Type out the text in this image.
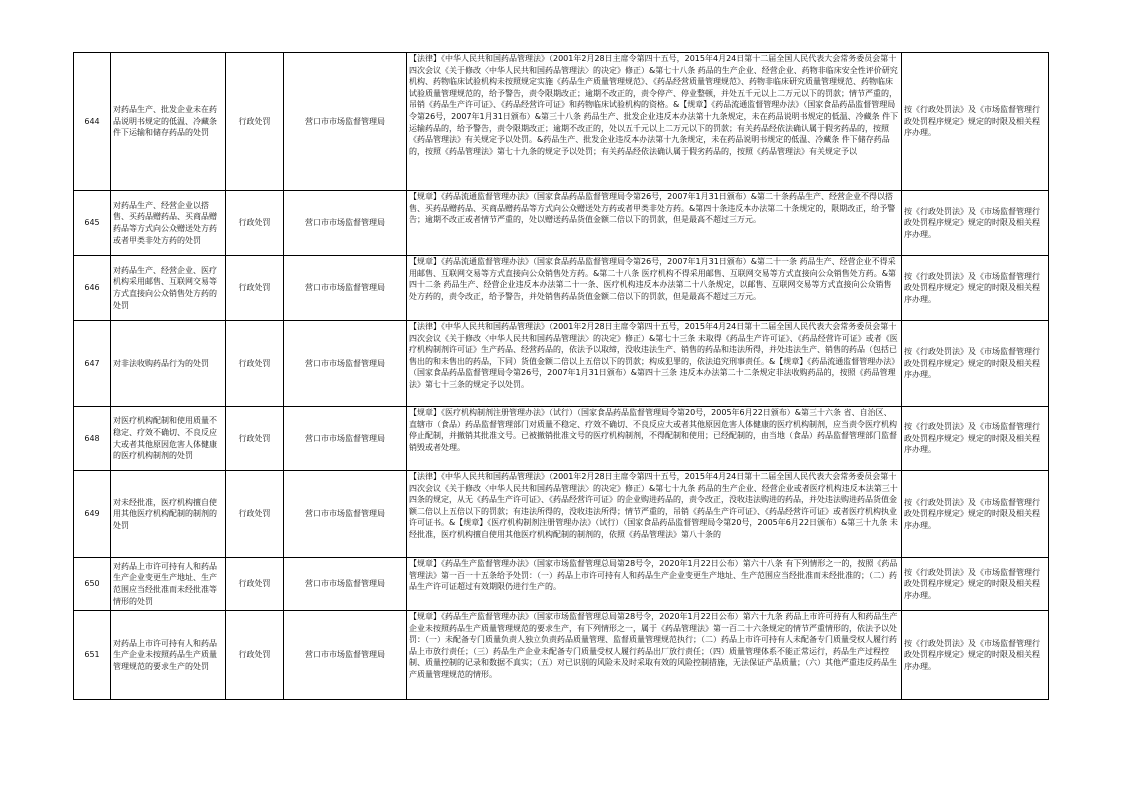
644	对药品生产、批发企业未在药品说明书规定的低温、冷藏条件下运输和储存药品的处罚	行政处罚	营口市市场监督管理局	【法律】《中华人民共和国药品管理法》（2001年2月28日主席令第四十五号，2015年4月24日第十二届全国人民代表大会常务委员会第十四次会议《关于修改〈中华人民共和国药品管理法〉的决定》修正）&第七十八条 药品的生产企业、经营企业、药物非临床安全性评价研究机构、药物临床试验机构未按照规定实施《药品生产质量管理规范》、《药品经营质量管理规范》、药物非临床研究质量管理规范、药物临床试验质量管理规范的，给予警告，责令限期改正；逾期不改正的，责令停产、停业整顿，并处五千元以上二万元以下的罚款；情节严重的，吊销《药品生产许可证》、《药品经营许可证》和药物临床试验机构的资格。&【规章】《药品流通监督管理办法》（国家食品药品监督管理局令第26号，2007年1月31日颁布）&第三十八条 药品生产、批发企业违反本办法第十九条规定，未在药品说明书规定的低温、冷藏条 件下运输药品的，给予警告，责令限期改正；逾期不改正的，处以五千元以上二万元以下的罚款；有关药品经依法确认属于假劣药品的，按照《药品管理法》有关规定予以处罚。&药品生产、批发企业违反本办法第十九条规定，未在药品说明书规定的低温、冷藏条 件下储存药品的，按照《药品管理法》第七十九条的规定予以处罚；有关药品经依法确认属于假劣药品的，按照《药品管理法》有关规定予以	按《行政处罚法》及《市场监督管理行政处罚程序规定》规定的时限及相关程序办理。
645	对药品生产、经营企业以搭售、买药品赠药品、买商品赠药品等方式向公众赠送处方药或者甲类非处方药的处罚	行政处罚	营口市市场监督管理局	【规章】《药品流通监督管理办法》（国家食品药品监督管理局令第26号，2007年1月31日颁布）&第二十条药品生产、经营企业不得以搭售、买药品赠药品、买商品赠药品等方式向公众赠送处方药或者甲类非处方药。&第四十条违反本办法第二十条规定的，限期改正，给予警告；逾期不改正或者情节严重的，处以赠送药品货值金额二倍以下的罚款，但是最高不超过三万元。	按《行政处罚法》及《市场监督管理行政处罚程序规定》规定的时限及相关程序办理。
646	对药品生产、经营企业、医疗机构采用邮售、互联网交易等方式直接向公众销售处方药的处罚	行政处罚	营口市市场监督管理局	【规章】《药品流通监督管理办法》（国家食品药品监督管理局令第26号，2007年1月31日颁布）&第二十一条 药品生产、经营企业不得采用邮售、互联网交易等方式直接向公众销售处方药。&第二十八条 医疗机构不得采用邮售、互联网交易等方式直接向公众销售处方药。&第四十二条 药品生产、经营企业违反本办法第二十一条、医疗机构违反本办法第二十八条规定，以邮售、互联网交易等方式直接向公众销售处方药的，责令改正，给予警告，并处销售药品货值金额二倍以下的罚款，但是最高不超过三万元。	按《行政处罚法》及《市场监督管理行政处罚程序规定》规定的时限及相关程序办理。
647	对非法收购药品行为的处罚	行政处罚	营口市市场监督管理局	【法律】《中华人民共和国药品管理法》（2001年2月28日主席令第四十五号，2015年4月24日第十二届全国人民代表大会常务委员会第十四次会议《关于修改〈中华人民共和国药品管理法〉的决定》修正）&第七十三条 未取得《药品生产许可证》、《药品经营许可证》或者《医疗机构制剂许可证》生产药品、经营药品的，依法予以取缔，没收违法生产、销售的药品和违法所得，并处违法生产、销售的药品（包括已售出的和未售出的药品，下同）货值金额二倍以上五倍以下的罚款；构成犯罪的，依法追究刑事责任。&【规章】《药品流通监督管理办法》（国家食品药品监督管理局令第26号，2007年1月31日颁布）&第四十三条 违反本办法第二十二条规定非法收购药品的，按照《药品管理法》第七十三条的规定予以处罚。	按《行政处罚法》及《市场监督管理行政处罚程序规定》规定的时限及相关程序办理。
648	对医疗机构配制和使用质量不稳定、疗效不确切、不良反应大或者其他原因危害人体健康的医疗机构制剂的处罚	行政处罚	营口市市场监督管理局	【规章】《医疗机构制剂注册管理办法》（试行）（国家食品药品监督管理局令第20号，2005年6月22日颁布）&第三十六条 省、自治区、直辖市（食品）药品监督管理部门对质量不稳定、疗效不确切、不良反应大或者其他原因危害人体健康的医疗机构制剂，应当责令医疗机构停止配制，并撤销其批准文号。已被撤销批准文号的医疗机构制剂，不得配制和使用；已经配制的，由当地（食品）药品监督管理部门监督销毁或者处理。	按《行政处罚法》及《市场监督管理行政处罚程序规定》规定的时限及相关程序办理。
649	对未经批准，医疗机构擅自使用其他医疗机构配制的制剂的处罚	行政处罚	营口市市场监督管理局	【法律】《中华人民共和国药品管理法》（2001年2月28日主席令第四十五号，2015年4月24日第十二届全国人民代表大会常务委员会第十四次会议《关于修改〈中华人民共和国药品管理法〉的决定》修正）&第七十九条 药品的生产企业、经营企业或者医疗机构违反本法第三十四条的规定，从无《药品生产许可证》、《药品经营许可证》的企业购进药品的，责令改正，没收违法购进的药品，并处违法购进药品货值金额二倍以上五倍以下的罚款；有违法所得的，没收违法所得；情节严重的，吊销《药品生产许可证》、《药品经营许可证》或者医疗机构执业许可证书。&【规章】《医疗机构制剂注册管理办法》（试行）（国家食品药品监督管理局令第20号，2005年6月22日颁布）&第三十九条 未经批准，医疗机构擅自使用其他医疗机构配制的制剂的，依照《药品管理法》第八十条的	按《行政处罚法》及《市场监督管理行政处罚程序规定》规定的时限及相关程序办理。
650	对药品上市许可持有人和药品生产企业变更生产地址、生产范围应当经批准而未经批准等情形的处罚	行政处罚	营口市市场监督管理局	【规章】《药品生产监督管理办法》（国家市场监督管理总局第28号令，2020年1月22日公布）第六十八条 有下列情形之一的，按照《药品管理法》第一百一十五条给予处罚：（一）药品上市许可持有人和药品生产企业变更生产地址、生产范围应当经批准而未经批准的；（二）药品生产许可证超过有效期限仍进行生产的。	按《行政处罚法》及《市场监督管理行政处罚程序规定》规定的时限及相关程序办理。
651	对药品上市许可持有人和药品生产企业未按照药品生产质量管理规范的要求生产的处罚	行政处罚	营口市市场监督管理局	【规章】《药品生产监督管理办法》（国家市场监督管理总局第28号令，2020年1月22日公布）第六十九条 药品上市许可持有人和药品生产企业未按照药品生产质量管理规范的要求生产，有下列情形之一，属于《药品管理法》第一百二十六条规定的情节严重情形的，依法予以处罚：（一）未配备专门质量负责人独立负责药品质量管理、监督质量管理规范执行；（二）药品上市许可持有人未配备专门质量受权人履行药品上市放行责任；（三）药品生产企业未配备专门质量受权人履行药品出厂放行责任；（四）质量管理体系不能正常运行，药品生产过程控制、质量控制的记录和数据不真实；（五）对已识别的风险未及时采取有效的风险控制措施，无法保证产品质量；（六）其他严重违反药品生产质量管理规范的情形。	按《行政处罚法》及《市场监督管理行政处罚程序规定》规定的时限及相关程序办理。
